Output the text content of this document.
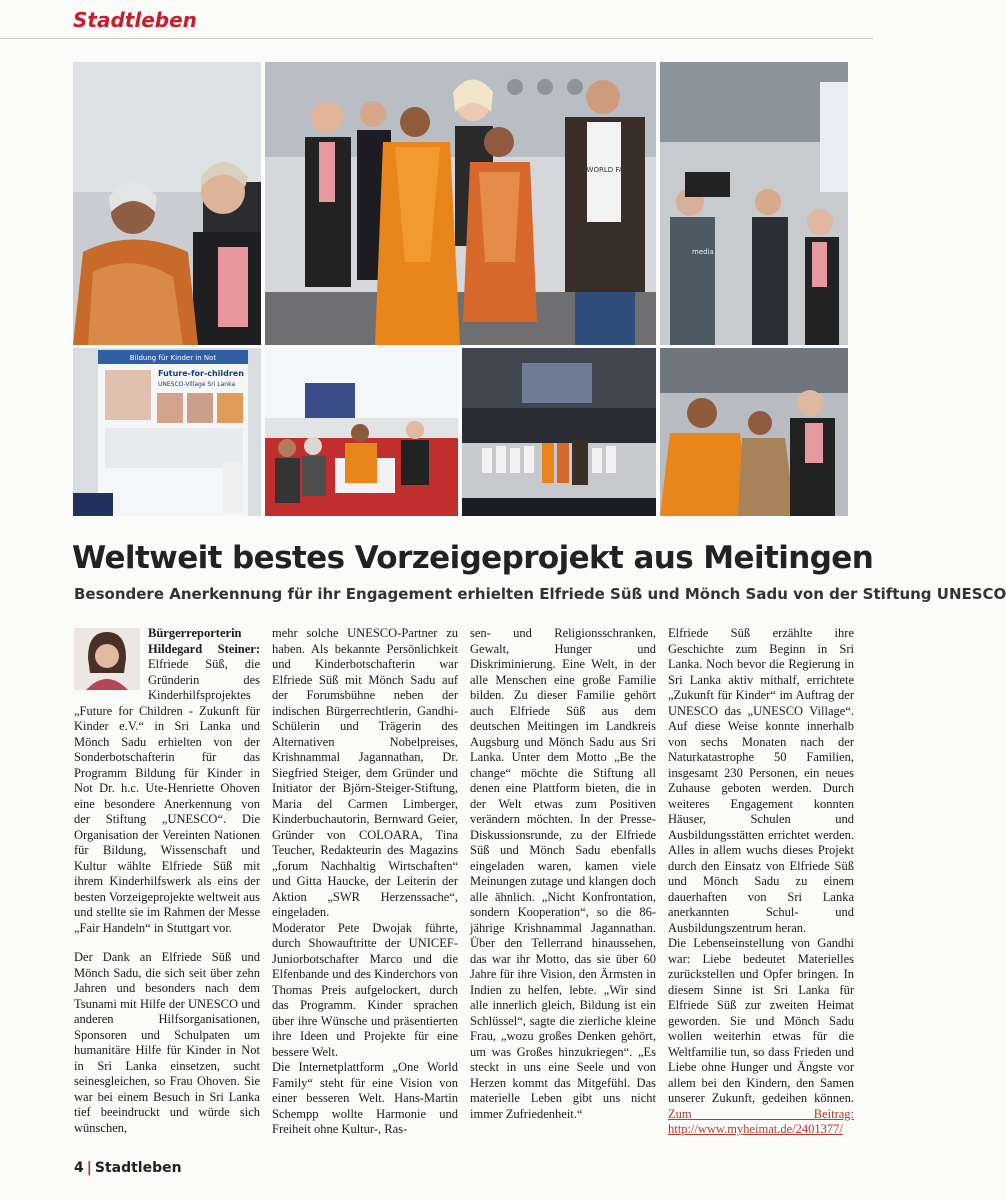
Stadtleben
ONE WORLD FAMILY
media
Bildung für Kinder in Not
Future-for-children
UNESCO-Village Sri Lanka
Weltweit bestes Vorzeigeprojekt aus Meitingen
Besondere Anerkennung für ihr Engagement erhielten Elfriede Süß und Mönch Sadu von der Stiftung UNESCO

Bürgerreporterin Hildegard Steiner: Elfriede Süß, die Gründerin des Kinderhilfsprojektes „Future for Children - Zukunft für Kinder e.V.“ in Sri Lanka und Mönch Sadu erhielten von der Sonderbotschafterin für das Programm Bildung für Kinder in Not Dr. h.c. Ute-Henriette Ohoven eine besondere Anerkennung von der Stiftung „UNESCO“. Die Organisation der Vereinten Nationen für Bildung, Wissenschaft und Kultur wählte Elfriede Süß mit ihrem Kinderhilfswerk als eins der besten Vorzeigeprojekte weltweit aus und stellte sie im Rahmen der Messe „Fair Handeln“ in Stuttgart vor.

Der Dank an Elfriede Süß und Mönch Sadu, die sich seit über zehn Jahren und besonders nach dem Tsunami mit Hilfe der UNESCO und anderen Hilfsorganisationen, Sponsoren und Schulpaten um humanitäre Hilfe für Kinder in Not in Sri Lanka einsetzen, sucht seinesgleichen, so Frau Ohoven. Sie war bei einem Besuch in Sri Lanka tief beeindruckt und würde sich wünschen,

mehr solche UNESCO-Partner zu haben. Als bekannte Persönlichkeit und Kinderbotschafterin war Elfriede Süß mit Mönch Sadu auf der Forumsbühne neben der indischen Bürgerrechtlerin, Gandhi-Schülerin und Trägerin des Alternativen Nobelpreises, Krishnammal Jagannathan, Dr. Siegfried Steiger, dem Gründer und Initiator der Björn-Steiger-Stiftung, Maria del Carmen Limberger, Kinderbuchautorin, Bernward Geier, Gründer von COLOARA, Tina Teucher, Redakteurin des Magazins „forum Nachhaltig Wirtschaften“ und Gitta Haucke, der Leiterin der Aktion „SWR Herzenssache“, eingeladen.

Moderator Pete Dwojak führte, durch Showauftritte der UNICEF-Juniorbotschafter Marco und die Elfenbande und des Kinderchors von Thomas Preis aufgelockert, durch das Programm. Kinder sprachen über ihre Wünsche und präsentierten ihre Ideen und Projekte für eine bessere Welt.

Die Internetplattform „One World Family“ steht für eine Vision von einer besseren Welt. Hans-Martin Schempp wollte Harmonie und Freiheit ohne Kultur-, Ras-

sen- und Religionsschranken, Gewalt, Hunger und Diskriminierung. Eine Welt, in der alle Menschen eine große Familie bilden. Zu dieser Familie gehört auch Elfriede Süß aus dem deutschen Meitingen im Landkreis Augsburg und Mönch Sadu aus Sri Lanka. Unter dem Motto „Be the change“ möchte die Stiftung all denen eine Plattform bieten, die in der Welt etwas zum Positiven verändern möchten. In der Presse-Diskussionsrunde, zu der Elfriede Süß und Mönch Sadu ebenfalls eingeladen waren, kamen viele Meinungen zutage und klangen doch alle ähnlich. „Nicht Konfrontation, sondern Kooperation“, so die 86-jährige Krishnammal Jagannathan. Über den Tellerrand hinaussehen, das war ihr Motto, das sie über 60 Jahre für ihre Vision, den Ärmsten in Indien zu helfen, lebte. „Wir sind alle innerlich gleich, Bildung ist ein Schlüssel“, sagte die zierliche kleine Frau, „wozu großes Denken gehört, um was Großes hinzukriegen“. „Es steckt in uns eine Seele und von Herzen kommt das Mitgefühl. Das materielle Leben gibt uns nicht immer Zufriedenheit.“

Elfriede Süß erzählte ihre Geschichte zum Beginn in Sri Lanka. Noch bevor die Regierung in Sri Lanka aktiv mithalf, errichtete „Zukunft für Kinder“ im Auftrag der UNESCO das „UNESCO Village“. Auf diese Weise konnte innerhalb von sechs Monaten nach der Naturkatastrophe 50 Familien, insgesamt 230 Personen, ein neues Zuhause geboten werden. Durch weiteres Engagement konnten Häuser, Schulen und Ausbildungsstätten errichtet werden. Alles in allem wuchs dieses Projekt durch den Einsatz von Elfriede Süß und Mönch Sadu zu einem dauerhaften von Sri Lanka anerkannten Schul- und Ausbildungszentrum heran.

Die Lebenseinstellung von Gandhi war: Liebe bedeutet Materielles zurückstellen und Opfer bringen. In diesem Sinne ist Sri Lanka für Elfriede Süß zur zweiten Heimat geworden. Sie und Mönch Sadu wollen weiterhin etwas für die Weltfamilie tun, so dass Frieden und Liebe ohne Hunger und Ängste vor allem bei den Kindern, den Samen unserer Zukunft, gedeihen können. Zum Beitrag: http://www.myheimat.de/2401377/

4 | Stadtleben
